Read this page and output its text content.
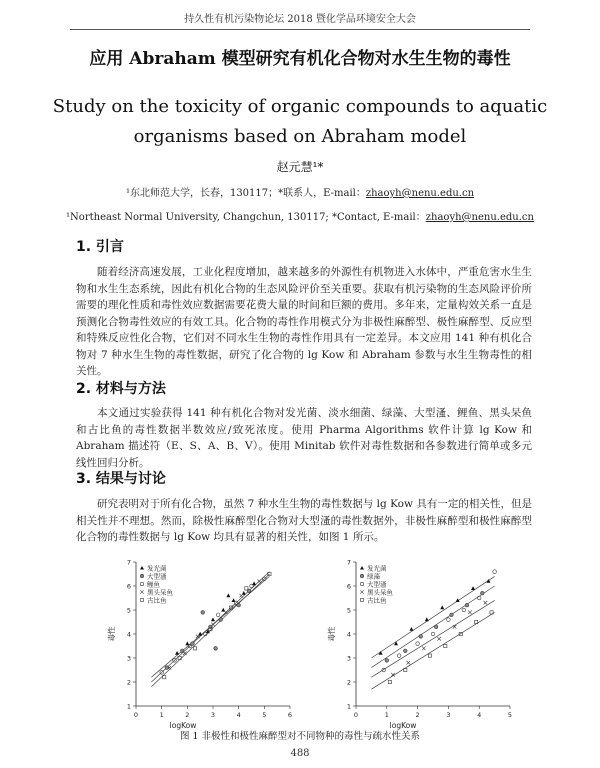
持久性有机污染物论坛 2018 暨化学品环境安全大会
应用 Abraham 模型研究有机化合物对水生生物的毒性
Study on the toxicity of organic compounds to aquatic
organisms based on Abraham model
赵元慧¹*
¹东北师范大学，长春，130117；*联系人，E-mail：zhaoyh@nenu.edu.cn
¹Northeast Normal University, Changchun, 130117; *Contact, E-mail：zhaoyh@nenu.edu.cn
1. 引言
随着经济高速发展，工业化程度增加，越来越多的外源性有机物进入水体中，严重危害水生生物和水生生态系统，因此有机化合物的生态风险评价至关重要。获取有机污染物的生态风险评价所需要的理化性质和毒性效应数据需要花费大量的时间和巨额的费用。多年来，定量构效关系一直是预测化合物毒性效应的有效工具。化合物的毒性作用模式分为非极性麻醉型、极性麻醉型、反应型和特殊反应性化合物，它们对不同水生生物的毒性作用具有一定差异。本文应用 141 种有机化合物对 7 种水生生物的毒性数据，研究了化合物的 lg Kow 和 Abraham 参数与水生生物毒性的相关性。
2. 材料与方法
本文通过实验获得 141 种有机化合物对发光菌、淡水细菌、绿藻、大型溞、鲤鱼、黑头呆鱼和古比鱼的毒性数据半数效应/致死浓度。使用 Pharma Algorithms 软件计算 lg Kow 和 Abraham 描述符（E、S、A、B、V）。使用 Minitab 软件对毒性数据和各参数进行简单或多元线性回归分析。
3. 结果与讨论
研究表明对于所有化合物，虽然 7 种水生生物的毒性数据与 lg Kow 具有一定的相关性，但是相关性并不理想。然而，除极性麻醉型化合物对大型溞的毒性数据外，非极性麻醉型和极性麻醉型化合物的毒性数据与 lg Kow 均具有显著的相关性，如图 1 所示。
0	1	2	3	4	5	6
1
2
3
4
5
6
7
logKow
毒性
发光菌
大型溞
鲤鱼
黑头呆鱼
古比鱼
0	1	2	3	4	5
1
2
3
4
5
6
7
logKow
毒性
发光菌
绿藻
大型溞
黑头呆鱼
古比鱼
图 1 非极性和极性麻醉型对不同物种的毒性与疏水性关系
488
